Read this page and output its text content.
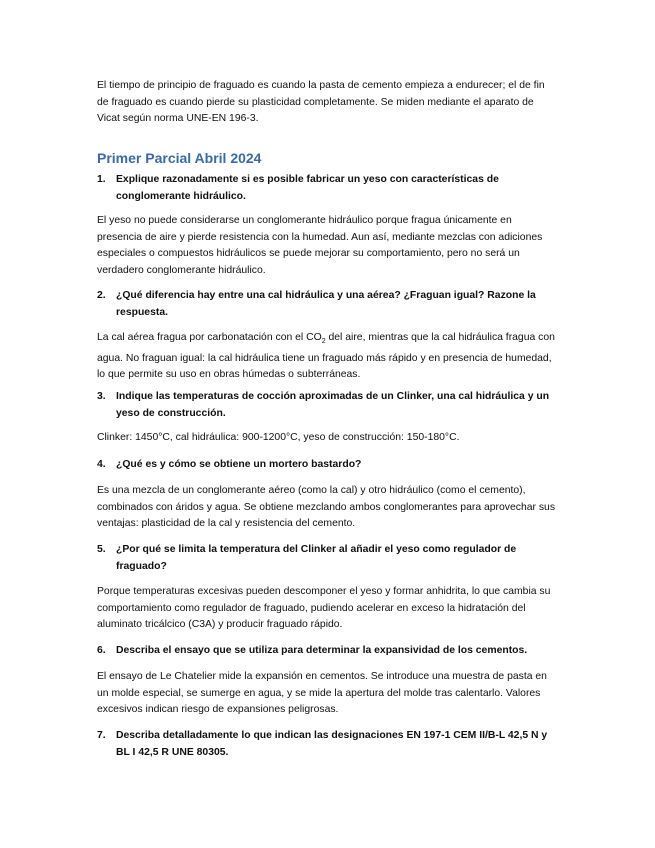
El tiempo de principio de fraguado es cuando la pasta de cemento empieza a endurecer; el de fin de fraguado es cuando pierde su plasticidad completamente. Se miden mediante el aparato de Vicat según norma UNE-EN 196-3.

Primer Parcial Abril 2024
1. Explique razonadamente si es posible fabricar un yeso con características de conglomerante hidráulico.

El yeso no puede considerarse un conglomerante hidráulico porque fragua únicamente en presencia de aire y pierde resistencia con la humedad. Aun así, mediante mezclas con adiciones especiales o compuestos hidráulicos se puede mejorar su comportamiento, pero no será un verdadero conglomerante hidráulico.

2. ¿Qué diferencia hay entre una cal hidráulica y una aérea? ¿Fraguan igual? Razone la respuesta.

La cal aérea fragua por carbonatación con el $CO_2$ del aire, mientras que la cal hidráulica fragua con agua. No fraguan igual: la cal hidráulica tiene un fraguado más rápido y en presencia de humedad, lo que permite su uso en obras húmedas o subterráneas.

3. Indique las temperaturas de cocción aproximadas de un Clinker, una cal hidráulica y un yeso de construcción.

Clinker: 1450°C, cal hidráulica: 900-1200°C, yeso de construcción: 150-180°C.

4. ¿Qué es y cómo se obtiene un mortero bastardo?

Es una mezcla de un conglomerante aéreo (como la cal) y otro hidráulico (como el cemento), combinados con áridos y agua. Se obtiene mezclando ambos conglomerantes para aprovechar sus ventajas: plasticidad de la cal y resistencia del cemento.

5. ¿Por qué se limita la temperatura del Clinker al añadir el yeso como regulador de fraguado?

Porque temperaturas excesivas pueden descomponer el yeso y formar anhidrita, lo que cambia su comportamiento como regulador de fraguado, pudiendo acelerar en exceso la hidratación del aluminato tricálcico (C3A) y producir fraguado rápido.

6. Describa el ensayo que se utiliza para determinar la expansividad de los cementos.

El ensayo de Le Chatelier mide la expansión en cementos. Se introduce una muestra de pasta en un molde especial, se sumerge en agua, y se mide la apertura del molde tras calentarlo. Valores excesivos indican riesgo de expansiones peligrosas.

7. Describa detalladamente lo que indican las designaciones EN 197-1 CEM II/B-L 42,5 N y BL I 42,5 R UNE 80305.
